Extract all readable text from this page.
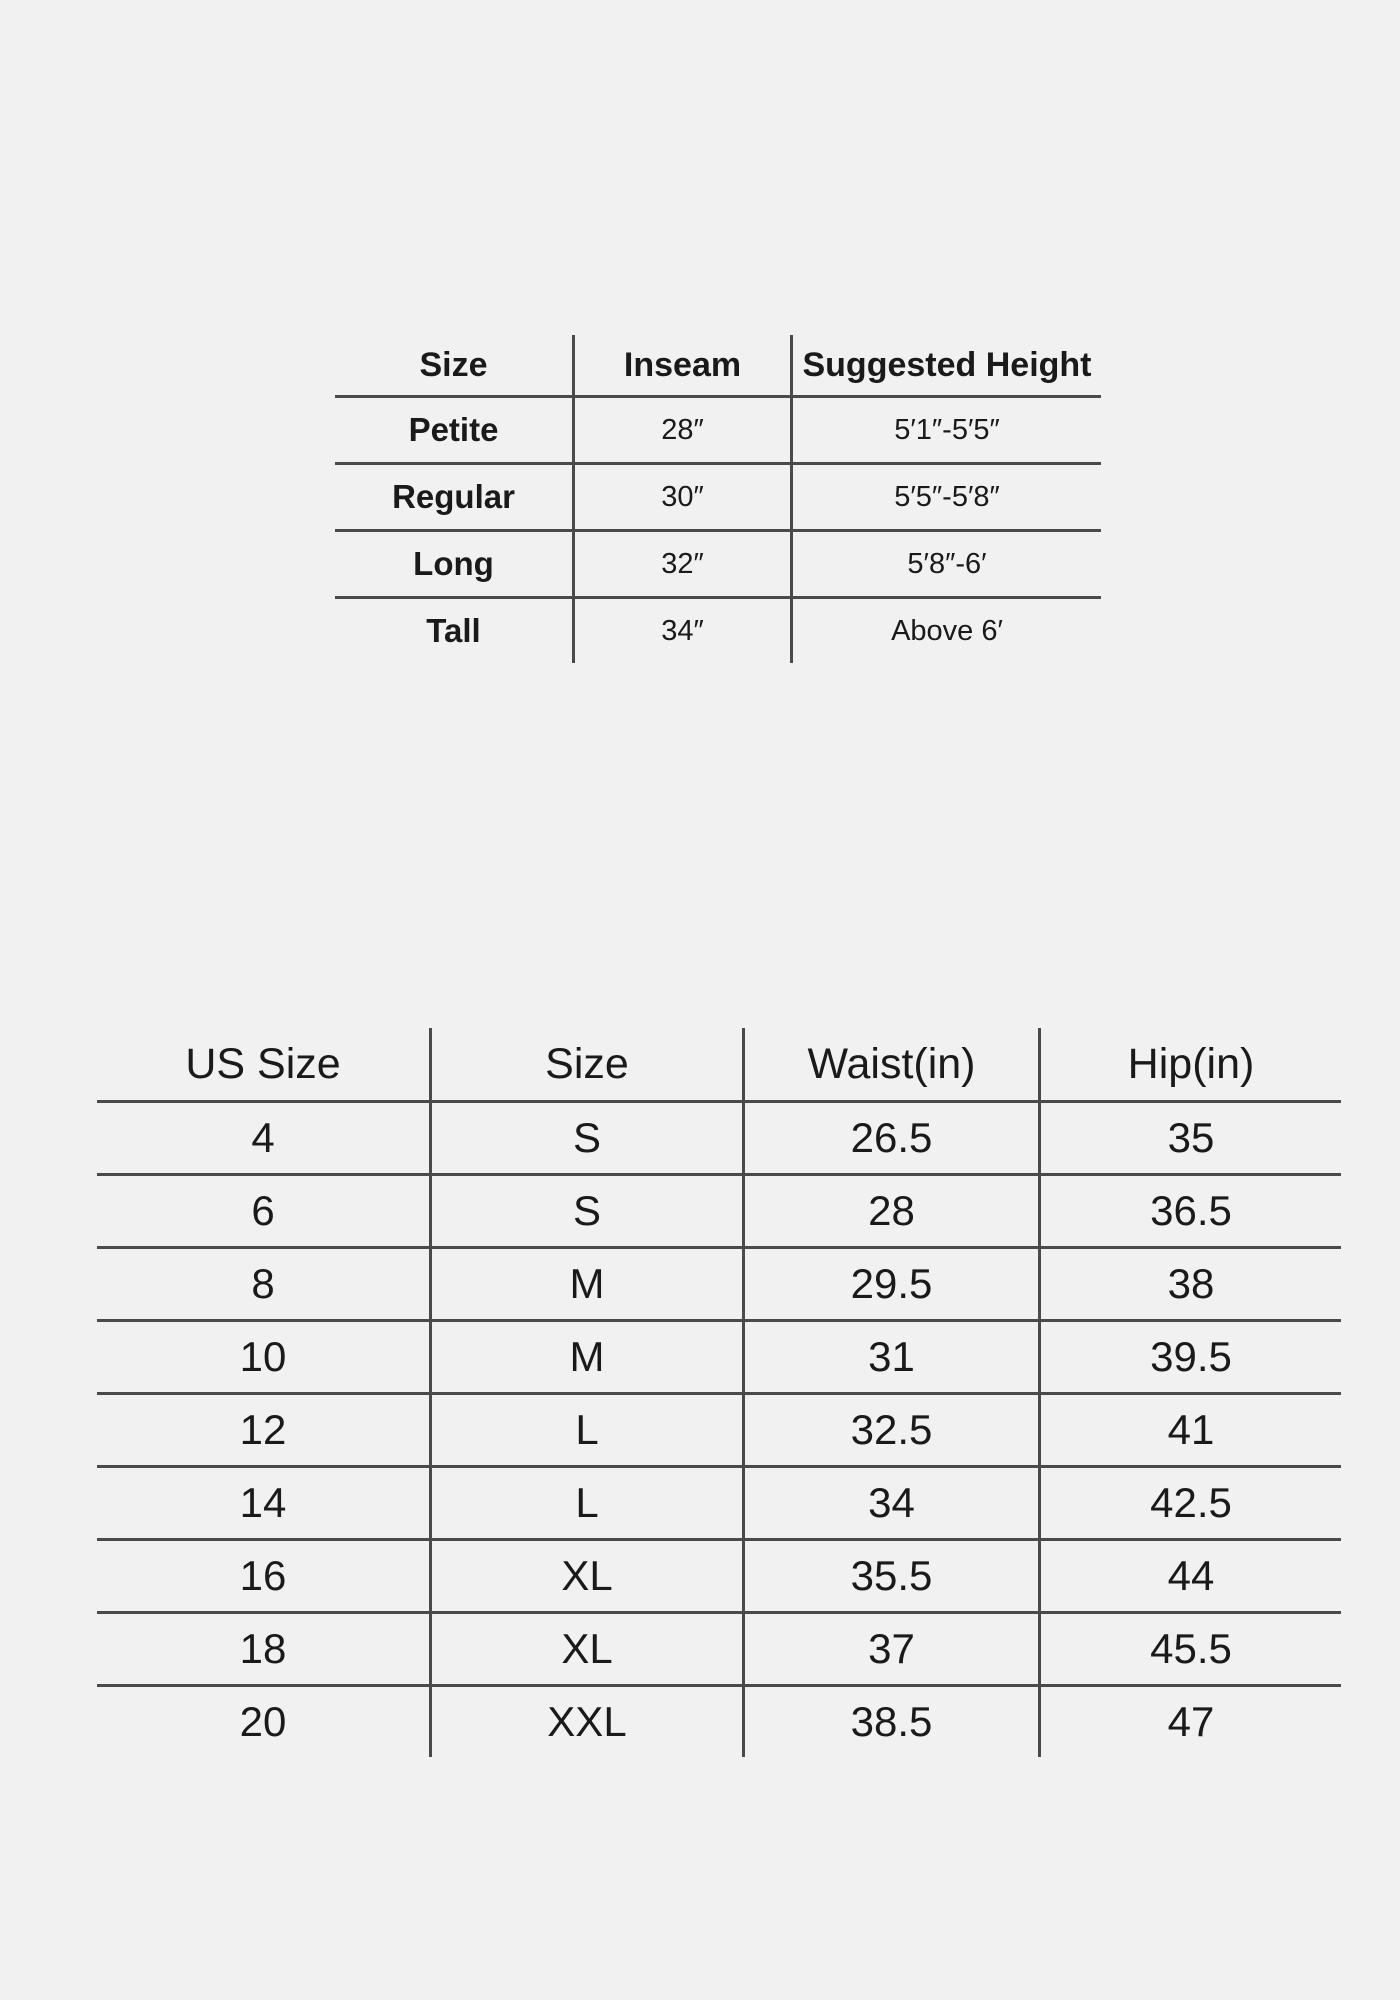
Size	Inseam	Suggested Height
Petite	28″	5′1″-5′5″
Regular	30″	5′5″-5′8″
Long	32″	5′8″-6′
Tall	34″	Above 6′
US Size	Size	Waist(in)	Hip(in)
4	S	26.5	35
6	S	28	36.5
8	M	29.5	38
10	M	31	39.5
12	L	32.5	41
14	L	34	42.5
16	XL	35.5	44
18	XL	37	45.5
20	XXL	38.5	47
